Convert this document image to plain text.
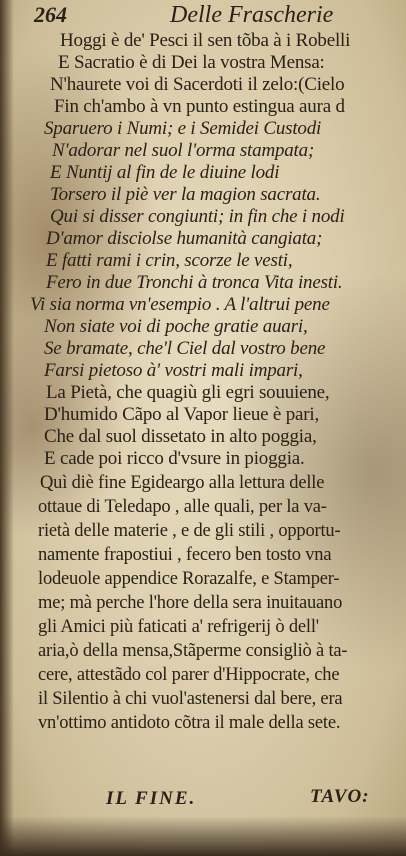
264	Delle Frascherie
Hoggi è de' Pesci il sen tõba à i Robelli
E Sacratio è di Dei la vostra Mensa:
N'haurete voi di Sacerdoti il zelo:(Cielo
Fin ch'ambo à vn punto estingua aura d
Sparuero i Numi; e i Semidei Custodi
N'adorar nel suol l'orma stampata;
E Nuntij al fin de le diuine lodi
Torsero il piè ver la magion sacrata.
Qui si disser congiunti; in fin che i nodi
D'amor disciolse humanità cangiata;
E fatti rami i crin, scorze le vesti,
Fero in due Tronchi à tronca Vita inesti.
Vi sia norma vn'esempio . A l'altrui pene
Non siate voi di poche gratie auari,
Se bramate, che'l Ciel dal vostro bene
Farsi pietoso à' vostri mali impari,
La Pietà, che quagiù gli egri souuiene,
D'humido Cãpo al Vapor lieue è pari,
Che dal suol dissetato in alto poggia,
E cade poi ricco d'vsure in pioggia.
Quì diè fine Egideargo alla lettura delle
ottaue di Teledapo , alle quali, per la va-
rietà delle materie , e de gli stili , opportu-
namente frapostiui , fecero ben tosto vna
lodeuole appendice Rorazalfe, e Stamper-
me; mà perche l'hore della sera inuitauano
gli Amici più faticati a' refrigerij ò dell'
aria,ò della mensa,Stãperme consigliò à ta-
cere, attestãdo col parer d'Hippocrate, che
il Silentio à chi vuol'astenersi dal bere, era
vn'ottimo antidoto cõtra il male della sete.
IL FINE.	TAVO:
